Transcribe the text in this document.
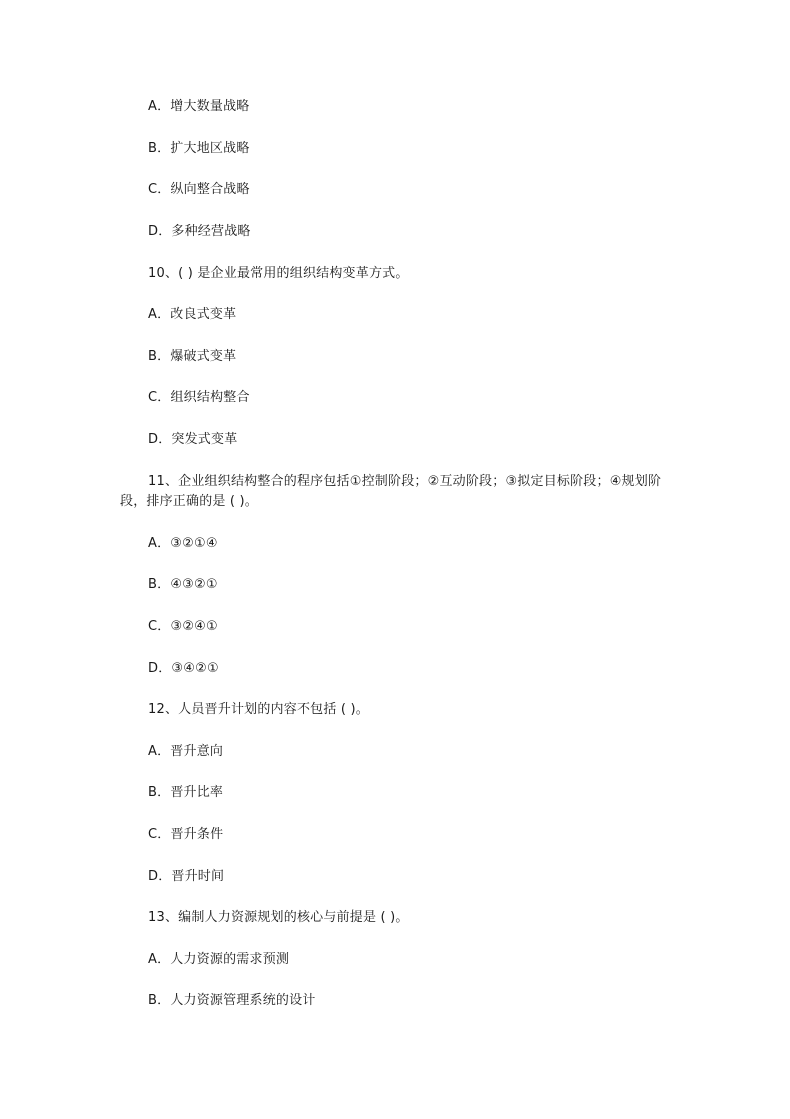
A．增大数量战略
B．扩大地区战略
C．纵向整合战略
D．多种经营战略
10、( ) 是企业最常用的组织结构变革方式。
A．改良式变革
B．爆破式变革
C．组织结构整合
D．突发式变革
11、企业组织结构整合的程序包括①控制阶段；②互动阶段；③拟定目标阶段；④规划阶段，排序正确的是 ( )。
A．③②①④
B．④③②①
C．③②④①
D．③④②①
12、人员晋升计划的内容不包括 ( )。
A．晋升意向
B．晋升比率
C．晋升条件
D．晋升时间
13、编制人力资源规划的核心与前提是 ( )。
A．人力资源的需求预测
B．人力资源管理系统的设计
